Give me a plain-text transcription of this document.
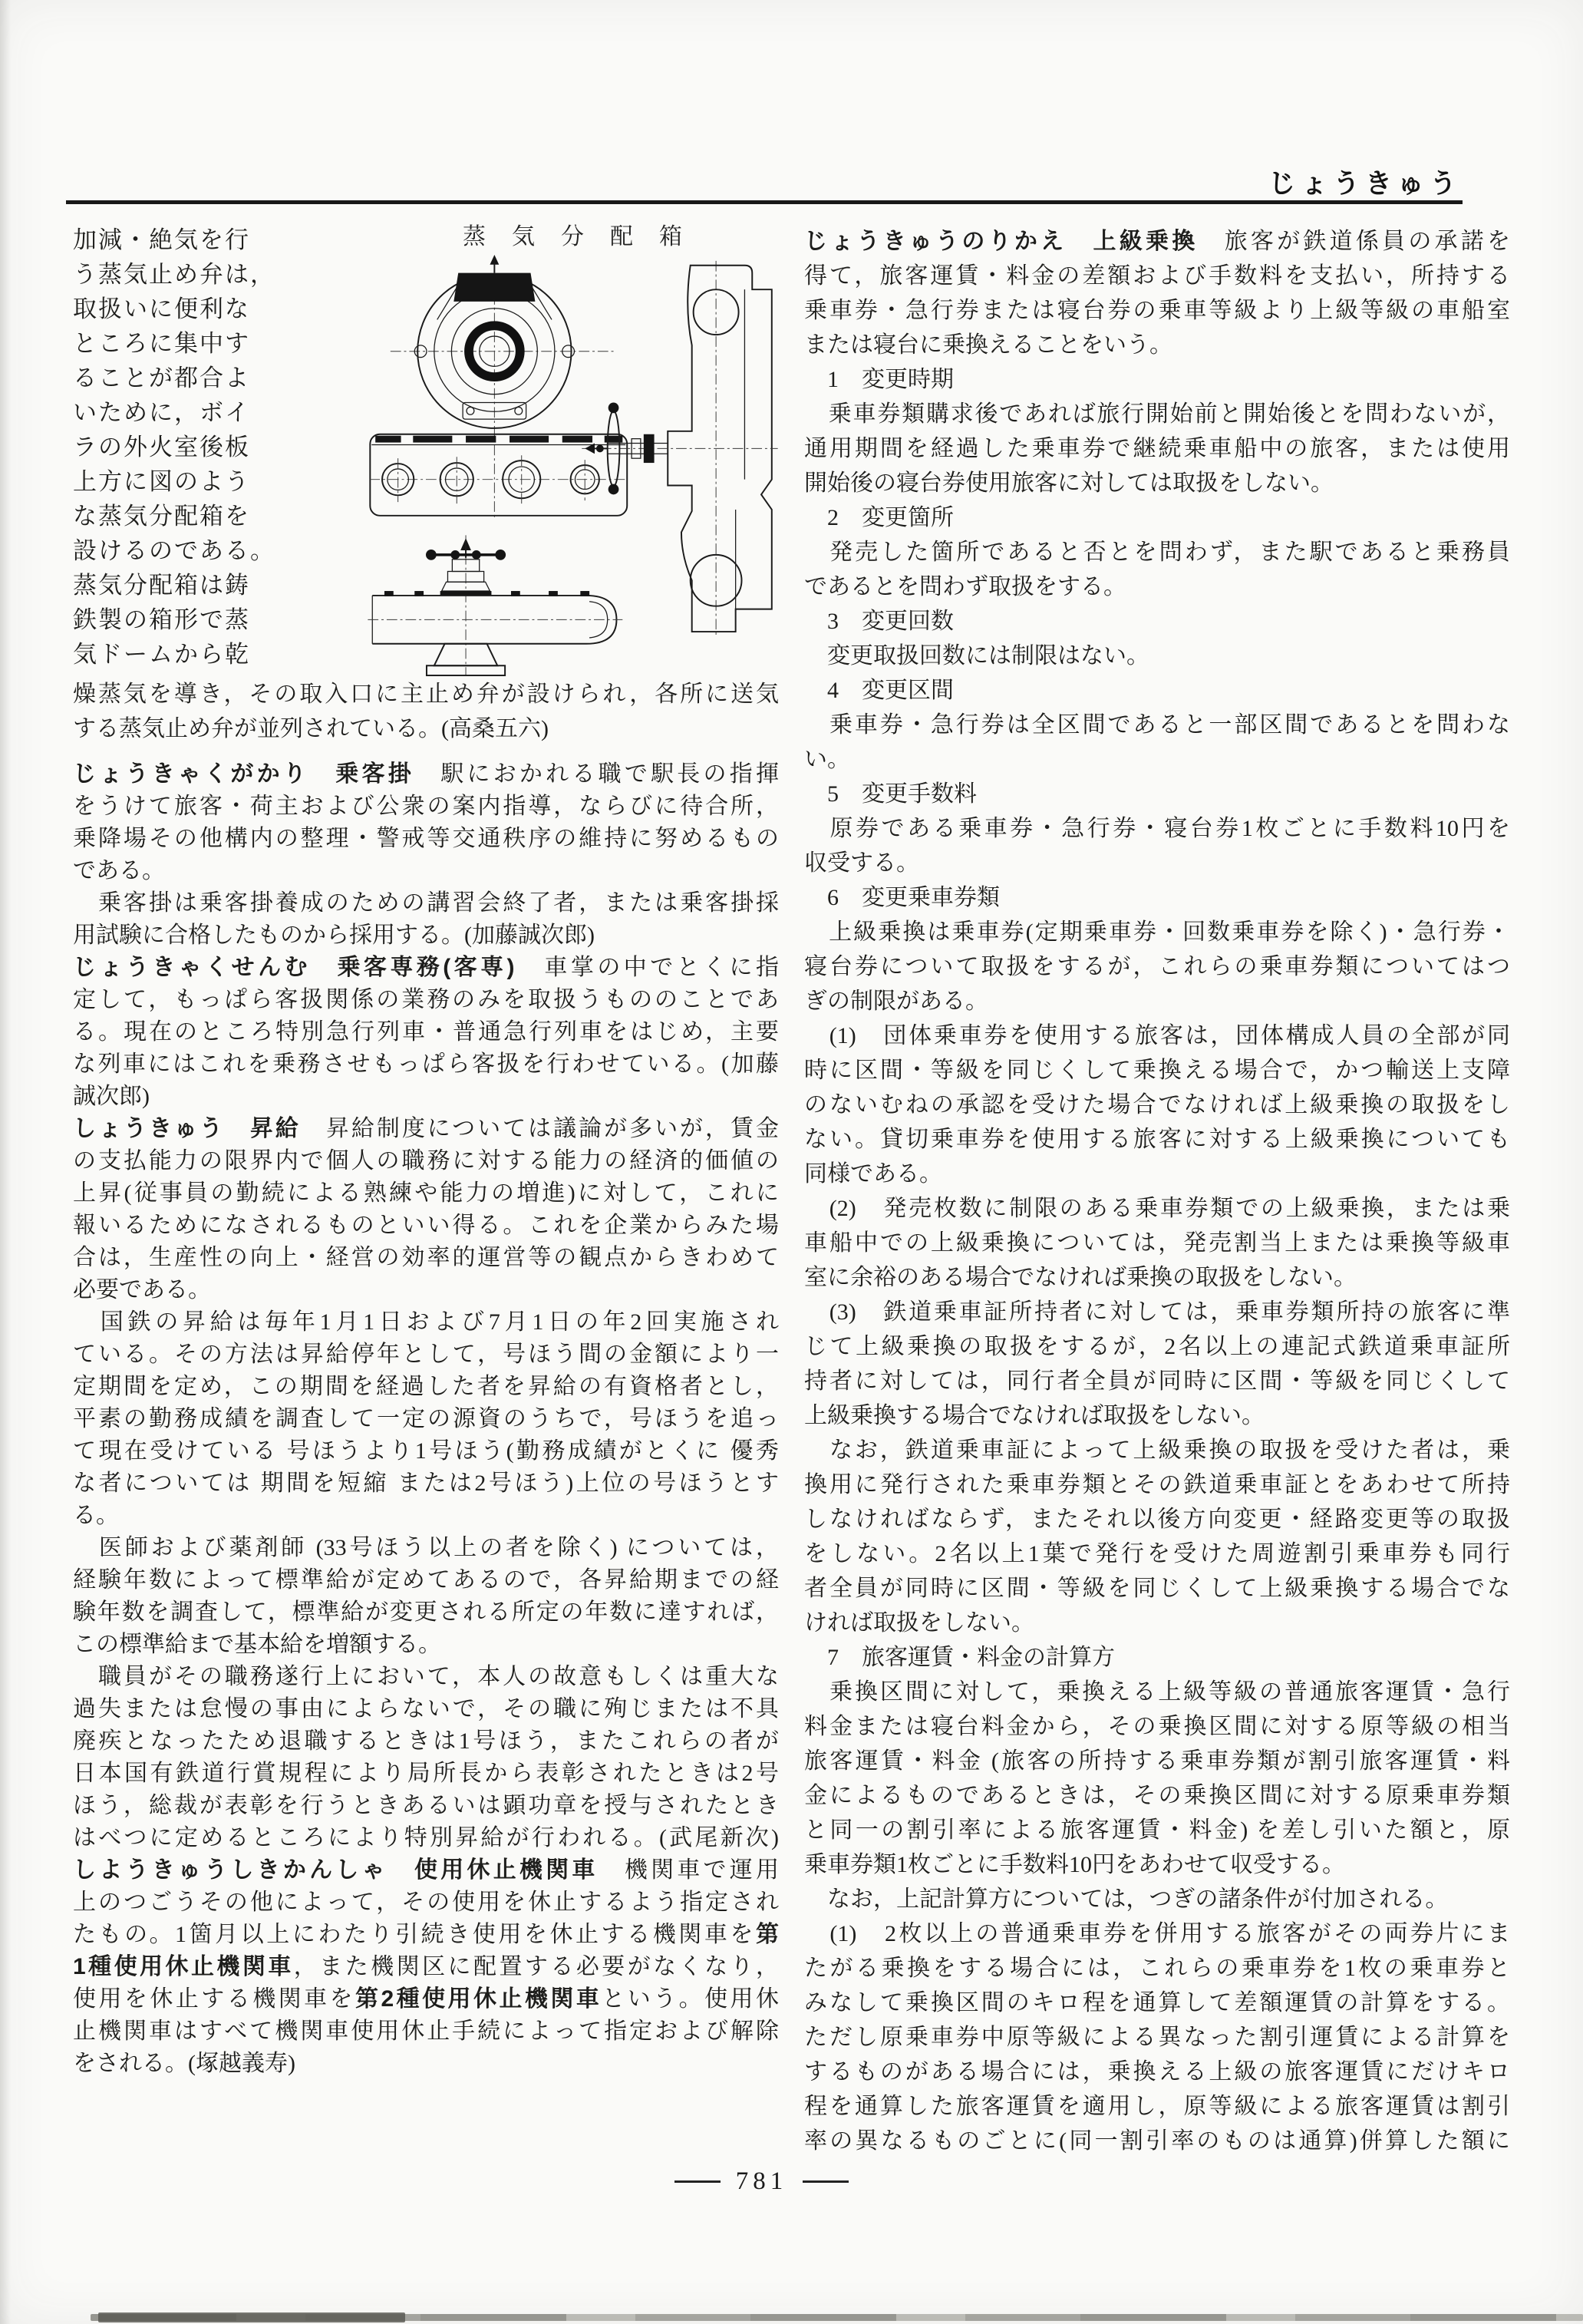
じょうきゅう
加減・絶気を行
う蒸気止め弁は，
取扱いに便利な
ところに集中す
ることが都合よ
いために，ボイ
ラの外火室後板
上方に図のよう
な蒸気分配箱を
設けるのである。
蒸気分配箱は鋳
鉄製の箱形で蒸
気ドームから乾
蒸　気　分　配　箱
燥蒸気を導き，その取入口に主止め弁が設けられ，各所に送気
する蒸気止め弁が並列されている。(高桑五六)
じょうきゃくがかり　乗客掛　駅におかれる職で駅長の指揮
をうけて旅客・荷主および公衆の案内指導，ならびに待合所，
乗降場その他構内の整理・警戒等交通秩序の維持に努めるもの
である。
　乗客掛は乗客掛養成のための講習会終了者，または乗客掛採
用試験に合格したものから採用する。(加藤誠次郎)
じょうきゃくせんむ　乗客専務(客専)　車掌の中でとくに指
定して，もっぱら客扱関係の業務のみを取扱うもののことであ
る。現在のところ特別急行列車・普通急行列車をはじめ，主要
な列車にはこれを乗務させもっぱら客扱を行わせている。(加藤
誠次郎)
しょうきゅう　昇給　昇給制度については議論が多いが，賃金
の支払能力の限界内で個人の職務に対する能力の経済的価値の
上昇(従事員の勤続による熟練や能力の増進)に対して，これに
報いるためになされるものといい得る。これを企業からみた場
合は，生産性の向上・経営の効率的運営等の観点からきわめて
必要である。
　国鉄の昇給は毎年1月1日および7月1日の年2回実施され
ている。その方法は昇給停年として，号ほう間の金額により一
定期間を定め，この期間を経過した者を昇給の有資格者とし，
平素の勤務成績を調査して一定の源資のうちで，号ほうを追っ
て現在受けている 号ほうより1号ほう(勤務成績がとくに 優秀
な者については 期間を短縮 または2号ほう)上位の号ほうとす
る。
　医師および薬剤師 (33号ほう以上の者を除く) については，
経験年数によって標準給が定めてあるので，各昇給期までの経
験年数を調査して，標準給が変更される所定の年数に達すれば，
この標準給まで基本給を増額する。
　職員がその職務遂行上において，本人の故意もしくは重大な
過失または怠慢の事由によらないで，その職に殉じまたは不具
廃疾となったため退職するときは1号ほう，またこれらの者が
日本国有鉄道行賞規程により局所長から表彰されたときは2号
ほう，総裁が表彰を行うときあるいは顕功章を授与されたとき
はべつに定めるところにより特別昇給が行われる。(武尾新次)
しようきゅうしきかんしゃ　使用休止機関車　機関車で運用
上のつごうその他によって，その使用を休止するよう指定され
たもの。1箇月以上にわたり引続き使用を休止する機関車を第
1種使用休止機関車，また機関区に配置する必要がなくなり，
使用を休止する機関車を第2種使用休止機関車という。使用休
止機関車はすべて機関車使用休止手続によって指定および解除
をされる。(塚越義寿)
じょうきゅうのりかえ　上級乗換　旅客が鉄道係員の承諾を
得て，旅客運賃・料金の差額および手数料を支払い，所持する
乗車券・急行券または寝台券の乗車等級より上級等級の車船室
または寝台に乗換えることをいう。
　1　変更時期
　乗車券類購求後であれば旅行開始前と開始後とを問わないが，
通用期間を経過した乗車券で継続乗車船中の旅客，または使用
開始後の寝台券使用旅客に対しては取扱をしない。
　2　変更箇所
　発売した箇所であると否とを問わず，また駅であると乗務員
であるとを問わず取扱をする。
　3　変更回数
　変更取扱回数には制限はない。
　4　変更区間
　乗車券・急行券は全区間であると一部区間であるとを問わな
い。
　5　変更手数料
　原券である乗車券・急行券・寝台券1枚ごとに手数料10円を
収受する。
　6　変更乗車券類
　上級乗換は乗車券(定期乗車券・回数乗車券を除く)・急行券・
寝台券について取扱をするが，これらの乗車券類についてはつ
ぎの制限がある。
　(1)　団体乗車券を使用する旅客は，団体構成人員の全部が同
時に区間・等級を同じくして乗換える場合で，かつ輸送上支障
のないむねの承認を受けた場合でなければ上級乗換の取扱をし
ない。貸切乗車券を使用する旅客に対する上級乗換についても
同様である。
　(2)　発売枚数に制限のある乗車券類での上級乗換，または乗
車船中での上級乗換については，発売割当上または乗換等級車
室に余裕のある場合でなければ乗換の取扱をしない。
　(3)　鉄道乗車証所持者に対しては，乗車券類所持の旅客に準
じて上級乗換の取扱をするが，2名以上の連記式鉄道乗車証所
持者に対しては，同行者全員が同時に区間・等級を同じくして
上級乗換する場合でなければ取扱をしない。
　なお，鉄道乗車証によって上級乗換の取扱を受けた者は，乗
換用に発行された乗車券類とその鉄道乗車証とをあわせて所持
しなければならず，またそれ以後方向変更・経路変更等の取扱
をしない。2名以上1葉で発行を受けた周遊割引乗車券も同行
者全員が同時に区間・等級を同じくして上級乗換する場合でな
ければ取扱をしない。
　7　旅客運賃・料金の計算方
　乗換区間に対して，乗換える上級等級の普通旅客運賃・急行
料金または寝台料金から，その乗換区間に対する原等級の相当
旅客運賃・料金 (旅客の所持する乗車券類が割引旅客運賃・料
金によるものであるときは，その乗換区間に対する原乗車券類
と同一の割引率による旅客運賃・料金) を差し引いた額と，原
乗車券類1枚ごとに手数料10円をあわせて収受する。
　なお，上記計算方については，つぎの諸条件が付加される。
　(1)　2枚以上の普通乗車券を併用する旅客がその両券片にま
たがる乗換をする場合には，これらの乗車券を1枚の乗車券と
みなして乗換区間のキロ程を通算して差額運賃の計算をする。
ただし原乗車券中原等級による異なった割引運賃による計算を
するものがある場合には，乗換える上級の旅客運賃にだけキロ
程を通算した旅客運賃を適用し，原等級による旅客運賃は割引
率の異なるものごとに(同一割引率のものは通算)併算した額に
781
